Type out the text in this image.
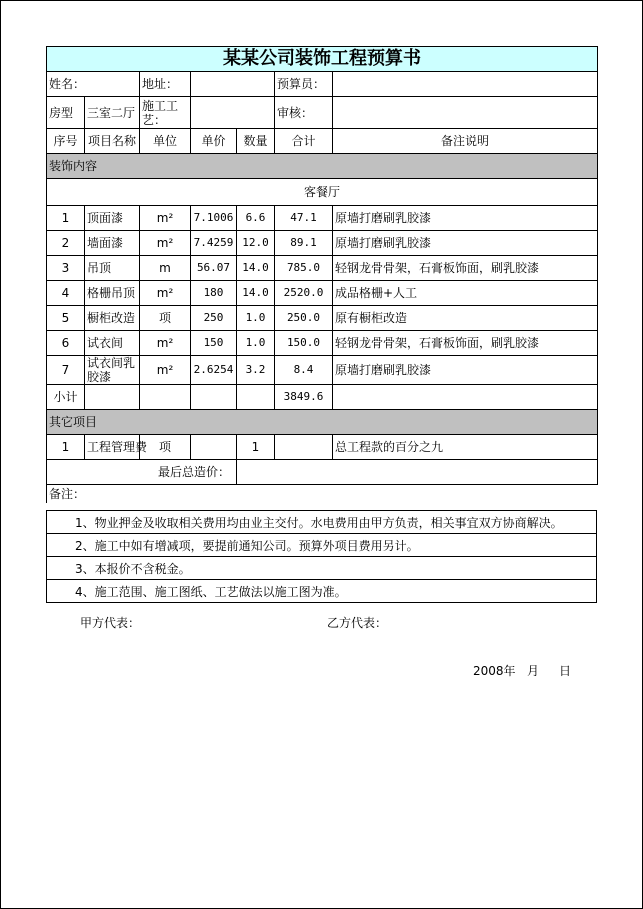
某某公司装饰工程预算书						
姓名：		地址：			预算员：	
房型	三室二厅	施工工艺：			审核：	
序号	项目名称	单位	单价	数量	合计	备注说明
装饰内容						
客餐厅						
1	顶面漆	m²	7.1006	6.6	47.1	原墙打磨刷乳胶漆
2	墙面漆	m²	7.4259	12.0	89.1	原墙打磨刷乳胶漆
3	吊顶	m	56.07	14.0	785.0	轻钢龙骨骨架，石膏板饰面，刷乳胶漆
4	格栅吊顶	m²	180	14.0	2520.0	成品格栅+人工
5	橱柜改造	项	250	1.0	250.0	原有橱柜改造
6	试衣间	m²	150	1.0	150.0	轻钢龙骨骨架，石膏板饰面，刷乳胶漆
7	试衣间乳胶漆	m²	2.6254	3.2	8.4	原墙打磨刷乳胶漆
小计					3849.6	
其它项目						
1	工程管理费	项		1		总工程款的百分之九
最后总造价：						
备注：						
1、物业押金及收取相关费用均由业主交付。水电费用由甲方负责，相关事宜双方协商解决。
2、施工中如有增减项，要提前通知公司。预算外项目费用另计。
3、本报价不含税金。
4、施工范围、施工图纸、工艺做法以施工图为准。
甲方代表：	乙方代表：
2008年 月 日
